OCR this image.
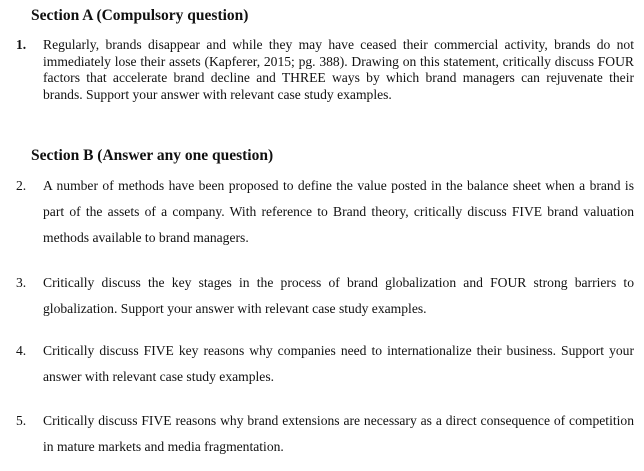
Section A (Compulsory question)
1. Regularly, brands disappear and while they may have ceased their commercial activity, brands do not immediately lose their assets (Kapferer, 2015; pg. 388). Drawing on this statement, critically discuss FOUR factors that accelerate brand decline and THREE ways by which brand managers can rejuvenate their brands. Support your answer with relevant case study examples.
Section B (Answer any one question)
2. A number of methods have been proposed to define the value posted in the balance sheet when a brand is part of the assets of a company. With reference to Brand theory, critically discuss FIVE brand valuation methods available to brand managers.
3. Critically discuss the key stages in the process of brand globalization and FOUR strong barriers to globalization. Support your answer with relevant case study examples.
4. Critically discuss FIVE key reasons why companies need to internationalize their business. Support your answer with relevant case study examples.
5. Critically discuss FIVE reasons why brand extensions are necessary as a direct consequence of competition in mature markets and media fragmentation.
